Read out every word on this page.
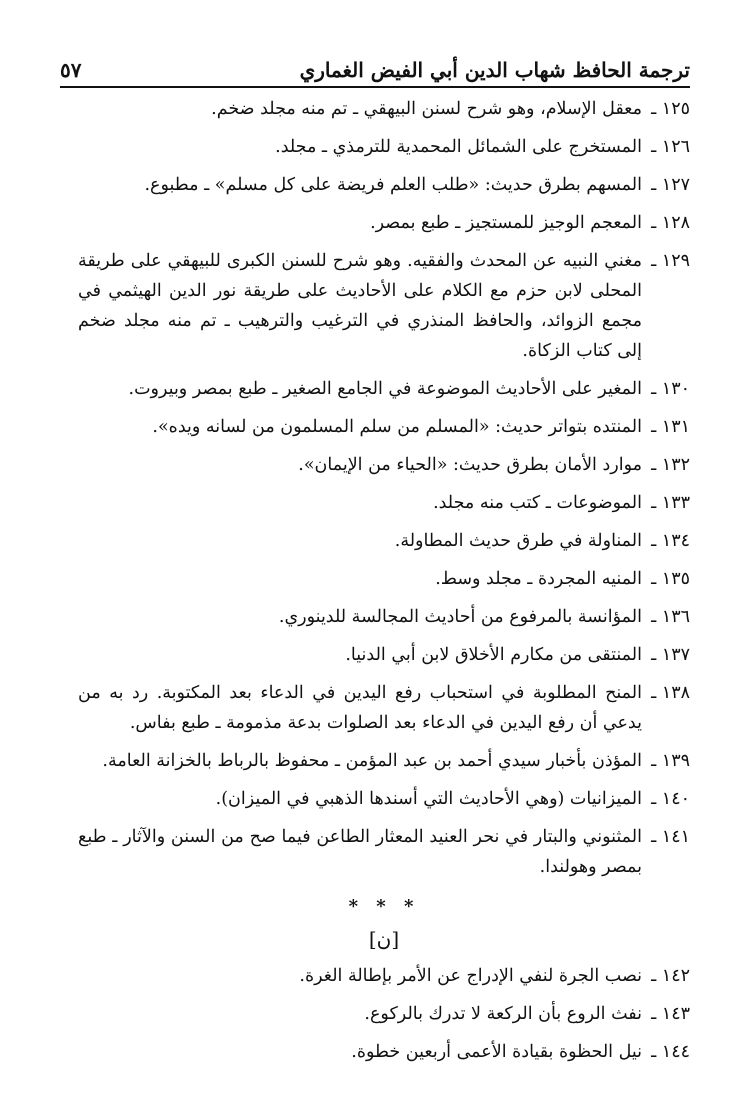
ترجمة الحافظ شهاب الدين أبي الفيض الغماري
٥٧

١٢٥ ـ
معقل الإسلام، وهو شرح لسنن البيهقي ـ تم منه مجلد ضخم.

١٢٦ ـ
المستخرج على الشمائل المحمدية للترمذي ـ مجلد.

١٢٧ ـ
المسهم بطرق حديث: «طلب العلم فريضة على كل مسلم» ـ مطبوع.

١٢٨ ـ
المعجم الوجيز للمستجيز ـ طبع بمصر.

١٢٩ ـ
مغني النبيه عن المحدث والفقيه. وهو شرح للسنن الكبرى للبيهقي على طريقة المحلى لابن حزم مع الكلام على الأحاديث على طريقة نور الدين الهيثمي في مجمع الزوائد، والحافظ المنذري في الترغيب والترهيب ـ تم منه مجلد ضخم إلى كتاب الزكاة.

١٣٠ ـ
المغير على الأحاديث الموضوعة في الجامع الصغير ـ طبع بمصر وبيروت.

١٣١ ـ
المنتده بتواتر حديث: «المسلم من سلم المسلمون من لسانه ويده».

١٣٢ ـ
موارد الأمان بطرق حديث: «الحياء من الإيمان».

١٣٣ ـ
الموضوعات ـ كتب منه مجلد.

١٣٤ ـ
المناولة في طرق حديث المطاولة.

١٣٥ ـ
المنيه المجردة ـ مجلد وسط.

١٣٦ ـ
المؤانسة بالمرفوع من أحاديث المجالسة للدينوري.

١٣٧ ـ
المنتقى من مكارم الأخلاق لابن أبي الدنيا.

١٣٨ ـ
المنح المطلوبة في استحباب رفع اليدين في الدعاء بعد المكتوبة. رد به من يدعي أن رفع اليدين في الدعاء بعد الصلوات بدعة مذمومة ـ طبع بفاس.

١٣٩ ـ
المؤذن بأخبار سيدي أحمد بن عبد المؤمن ـ محفوظ بالرباط بالخزانة العامة.

١٤٠ ـ
الميزانيات (وهي الأحاديث التي أسندها الذهبي في الميزان).

١٤١ ـ
المثنوني والبتار في نحر العنيد المعثار الطاعن فيما صح من السنن والآثار ـ طبع بمصر وهولندا.

* * *
[ن]

١٤٢ ـ
نصب الجرة لنفي الإدراج عن الأمر بإطالة الغرة.

١٤٣ ـ
نفث الروع بأن الركعة لا تدرك بالركوع.

١٤٤ ـ
نيل الحظوة بقيادة الأعمى أربعين خطوة.
